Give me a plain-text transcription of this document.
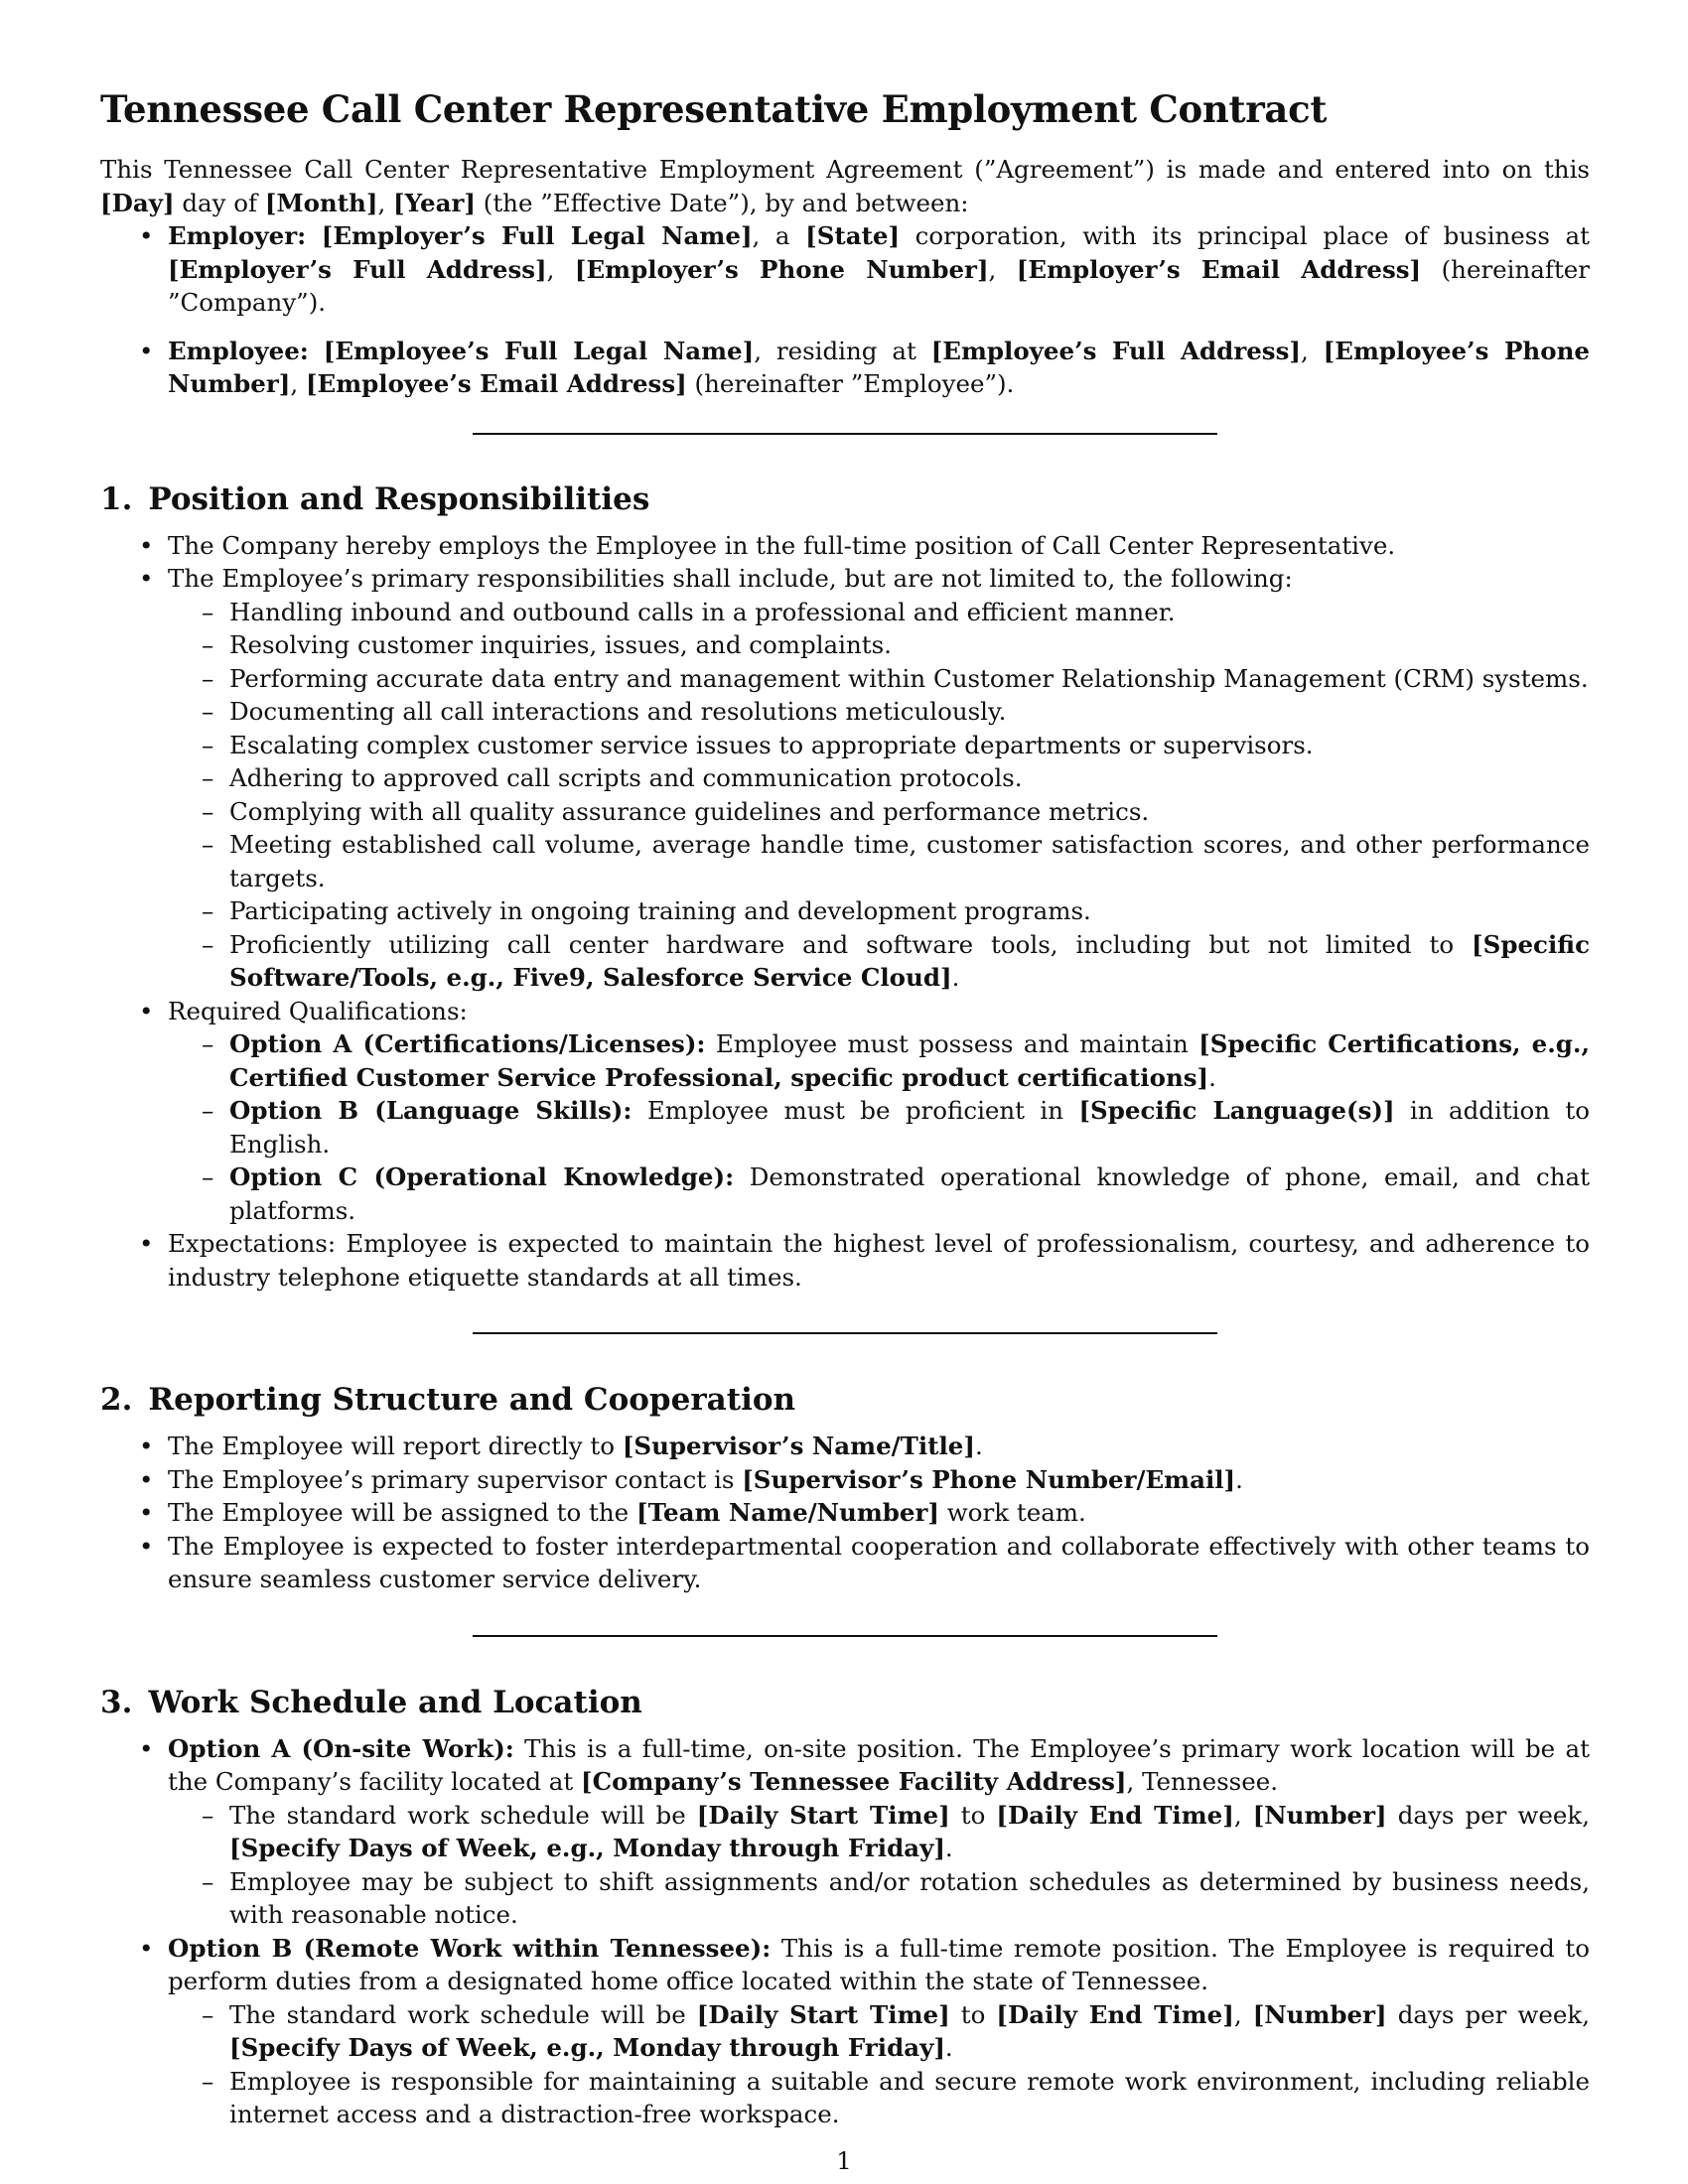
Tennessee Call Center Representative Employment Contract

This Tennessee Call Center Representative Employment Agreement (”Agreement”) is made and entered into on this [Day] day of [Month], [Year] (the ”Effective Date”), by and between:

• Employer: [Employer’s Full Legal Name], a [State] corporation, with its principal place of business at [Employer’s Full Address], [Employer’s Phone Number], [Employer’s Email Address] (hereinafter ”Company”).
• Employee: [Employee’s Full Legal Name], residing at [Employee’s Full Address], [Employee’s Phone Number], [Employee’s Email Address] (hereinafter ”Employee”).
1. Position and Responsibilities
• The Company hereby employs the Employee in the full-time position of Call Center Representative.
• The Employee’s primary responsibilities shall include, but are not limited to, the following:
– Handling inbound and outbound calls in a professional and efficient manner.
– Resolving customer inquiries, issues, and complaints.
– Performing accurate data entry and management within Customer Relationship Management (CRM) systems.
– Documenting all call interactions and resolutions meticulously.
– Escalating complex customer service issues to appropriate departments or supervisors.
– Adhering to approved call scripts and communication protocols.
– Complying with all quality assurance guidelines and performance metrics.
– Meeting established call volume, average handle time, customer satisfaction scores, and other performance targets.
– Participating actively in ongoing training and development programs.
– Proficiently utilizing call center hardware and software tools, including but not limited to [Specific Software/Tools, e.g., Five9, Salesforce Service Cloud].
• Required Qualifications:
– Option A (Certifications/Licenses): Employee must possess and maintain [Specific Certifications, e.g., Certified Customer Service Professional, specific product certifications].
– Option B (Language Skills): Employee must be proficient in [Specific Language(s)] in addition to English.
– Option C (Operational Knowledge): Demonstrated operational knowledge of phone, email, and chat platforms.
• Expectations: Employee is expected to maintain the highest level of professionalism, courtesy, and adherence to industry telephone etiquette standards at all times.
2. Reporting Structure and Cooperation
• The Employee will report directly to [Supervisor’s Name/Title].
• The Employee’s primary supervisor contact is [Supervisor’s Phone Number/Email].
• The Employee will be assigned to the [Team Name/Number] work team.
• The Employee is expected to foster interdepartmental cooperation and collaborate effectively with other teams to ensure seamless customer service delivery.
3. Work Schedule and Location
• Option A (On-site Work): This is a full-time, on-site position. The Employee’s primary work location will be at the Company’s facility located at [Company’s Tennessee Facility Address], Tennessee.
– The standard work schedule will be [Daily Start Time] to [Daily End Time], [Number] days per week, [Specify Days of Week, e.g., Monday through Friday].
– Employee may be subject to shift assignments and/or rotation schedules as determined by business needs, with reasonable notice.
• Option B (Remote Work within Tennessee): This is a full-time remote position. The Employee is required to perform duties from a designated home office located within the state of Tennessee.
– The standard work schedule will be [Daily Start Time] to [Daily End Time], [Number] days per week, [Specify Days of Week, e.g., Monday through Friday].
– Employee is responsible for maintaining a suitable and secure remote work environment, including reliable internet access and a distraction-free workspace.
1
